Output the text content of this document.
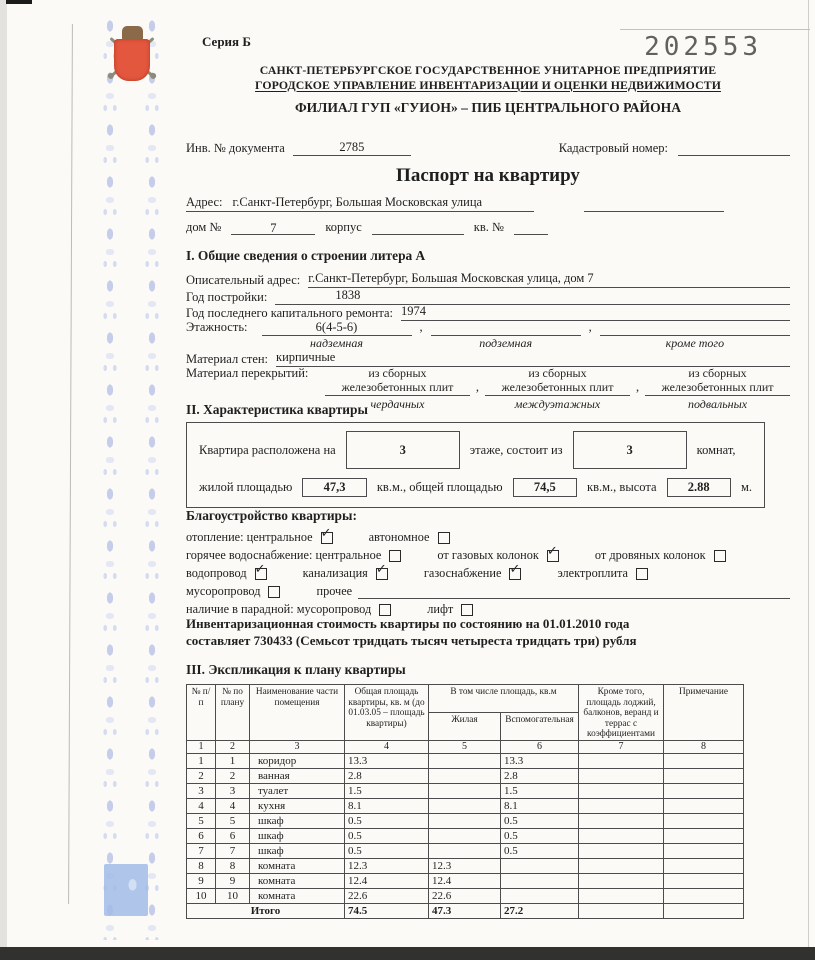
Серия Б	202553
САНКТ-ПЕТЕРБУРГСКОЕ ГОСУДАРСТВЕННОЕ УНИТАРНОЕ ПРЕДПРИЯТИЕ
ГОРОДСКОЕ УПРАВЛЕНИЕ ИНВЕНТАРИЗАЦИИ И ОЦЕНКИ НЕДВИЖИМОСТИ
ФИЛИАЛ ГУП «ГУИОН» – ПИБ ЦЕНТРАЛЬНОГО РАЙОНА
Инв. № документа	2785	Кадастровый номер:
Паспорт на квартиру
Адрес: г.Санкт-Петербург, Большая Московская улица
дом №	7	корпус	кв. №
I. Общие сведения о строении литера А
Описательный адрес: г.Санкт-Петербург, Большая Московская улица, дом 7
Год постройки:	1838
Год последнего капитального ремонта: 1974
Этажность:	6(4-5-6)
надземная
,
подземная
,
кроме того
Материал стен: кирпичные
Материал перекрытий:	из сборных
железобетонных плит
чердачных
,
из сборных
железобетонных плит
междуэтажных
,
из сборных
железобетонных плит
подвальных
II. Характеристика квартиры
Квартира расположена на	3	этаже, состоит из	3	комнат,
жилой площадью	47,3	кв.м., общей площадью	74,5	кв.м., высота	2.88	м.
Благоустройство квартиры:
отопление: центральное ✓	автономное
горячее водоснабжение: центральное	от газовых колонок ✓	от дровяных колонок
водопровод ✓	канализация ✓	газоснабжение ✓	электроплита
мусоропровод	прочее
наличие в парадной: мусоропровод	лифт
Инвентаризационная стоимость квартиры по состоянию на 01.01.2010 года
составляет 730433 (Семьсот тридцать тысяч четыреста тридцать три) рубля
III. Экспликация к плану квартиры
№ п/п	№ по плану	Наименование части помещения	Общая площадь квартиры, кв. м (до 01.03.05 – площадь квартиры)	В том числе площадь, кв.м		Кроме того, площадь лоджий, балконов, веранд и террас с коэффициентами	Примечание
				Жилая	Вспомогательная		
1	2	3	4	5	6	7	8
1	1	коридор	13.3		13.3		
2	2	ванная	2.8		2.8		
3	3	туалет	1.5		1.5		
4	4	кухня	8.1		8.1		
5	5	шкаф	0.5		0.5		
6	6	шкаф	0.5		0.5		
7	7	шкаф	0.5		0.5		
8	8	комната	12.3	12.3			
9	9	комната	12.4	12.4			
10	10	комната	22.6	22.6			
Итого			74.5	47.3	27.2		
